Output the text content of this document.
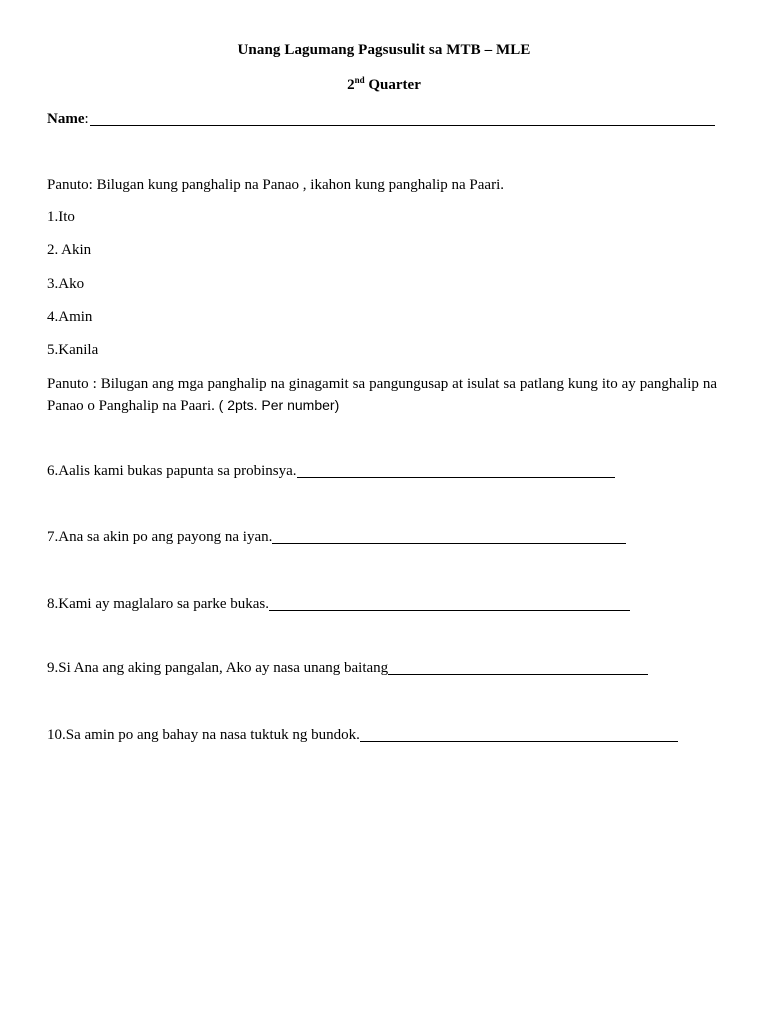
Unang Lagumang Pagsusulit sa MTB – MLE
2nd Quarter
Name :
Panuto: Bilugan kung panghalip na Panao , ikahon kung panghalip na Paari.
1.Ito
2. Akin
3.Ako
4.Amin
5.Kanila
Panuto : Bilugan ang mga panghalip na ginagamit sa pangungusap at isulat sa patlang kung ito ay panghalip na Panao o Panghalip na Paari. ( 2pts. Per number)
6.Aalis kami bukas papunta sa probinsya.
7.Ana sa akin po ang payong na iyan.
8.Kami ay maglalaro sa parke bukas.
9.Si Ana ang aking pangalan, Ako ay nasa unang baitang
10.Sa amin po ang bahay na nasa tuktuk ng bundok.
